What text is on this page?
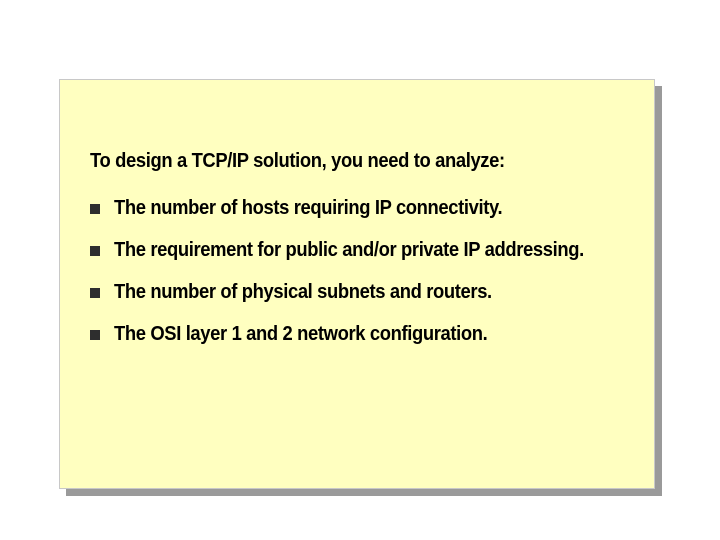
To design a TCP/IP solution, you need to analyze:

The number of hosts requiring IP connectivity.
The requirement for public and/or private IP addressing.
The number of physical subnets and routers.
The OSI layer 1 and 2 network configuration.
